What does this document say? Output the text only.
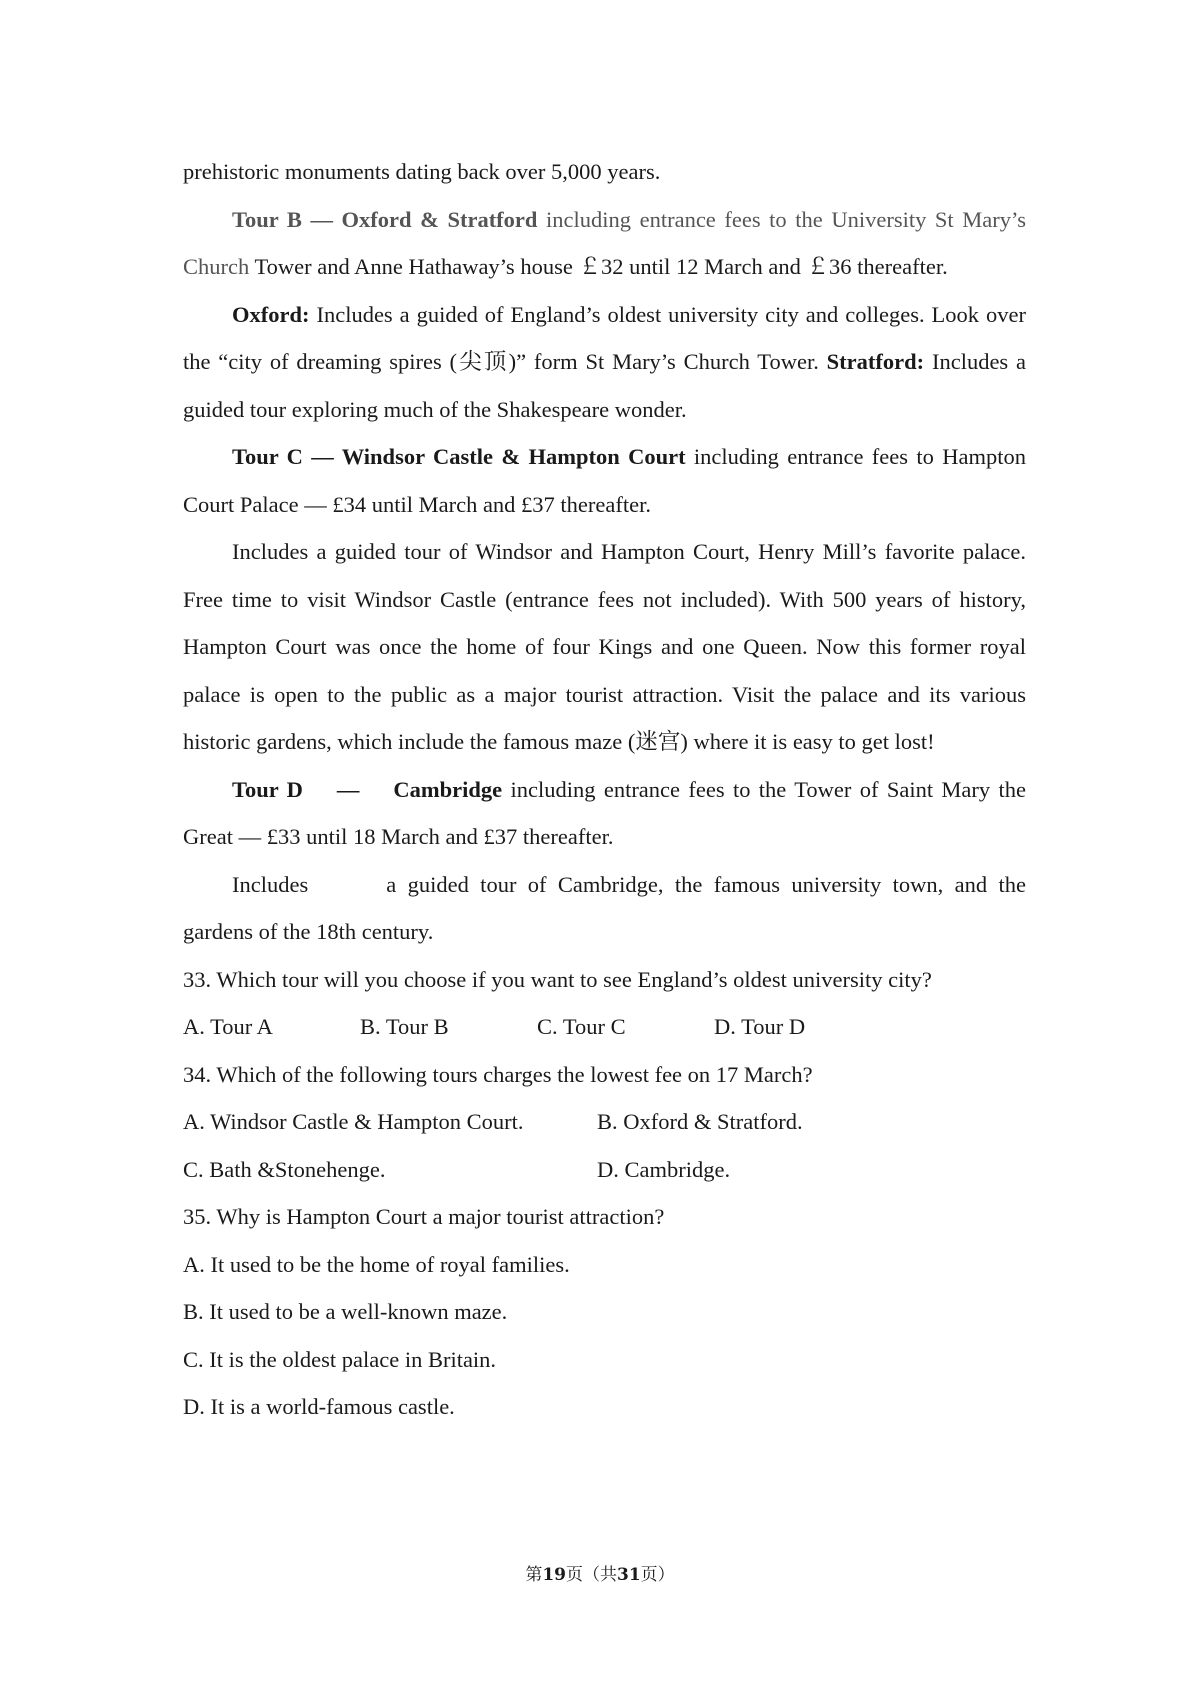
prehistoric monuments dating back over 5,000 years.

Tour B — Oxford & Stratford including entrance fees to the University St Mary’s Church Tower and Anne Hathaway’s house ￡32 until 12 March and ￡36 thereafter.

Oxford: Includes a guided of England’s oldest university city and colleges. Look over the “city of dreaming spires (尖顶)” form St Mary’s Church Tower. Stratford: Includes a guided tour exploring much of the Shakespeare wonder.

Tour C — Windsor Castle & Hampton Court including entrance fees to Hampton Court Palace — £34 until March and £37 thereafter.

Includes a guided tour of Windsor and Hampton Court, Henry Mill’s favorite palace. Free time to visit Windsor Castle (entrance fees not included). With 500 years of history, Hampton Court was once the home of four Kings and one Queen. Now this former royal palace is open to the public as a major tourist attraction. Visit the palace and its various historic gardens, which include the famous maze (迷宫) where it is easy to get lost!

Tour D — Cambridge including entrance fees to the Tower of Saint Mary the Great — £33 until 18 March and £37 thereafter.

Includes	a guided tour of Cambridge, the famous university town, and the gardens of the 18th century.

33. Which tour will you choose if you want to see England’s oldest university city?

A. Tour A	B. Tour B	C. Tour C	D. Tour D

34. Which of the following tours charges the lowest fee on 17 March?

A. Windsor Castle & Hampton Court.	B. Oxford & Stratford.
C. Bath &Stonehenge.	D. Cambridge.

35. Why is Hampton Court a major tourist attraction?

A. It used to be the home of royal families.

B. It used to be a well-known maze.

C. It is the oldest palace in Britain.

D. It is a world-famous castle.

第19页（共31页）
